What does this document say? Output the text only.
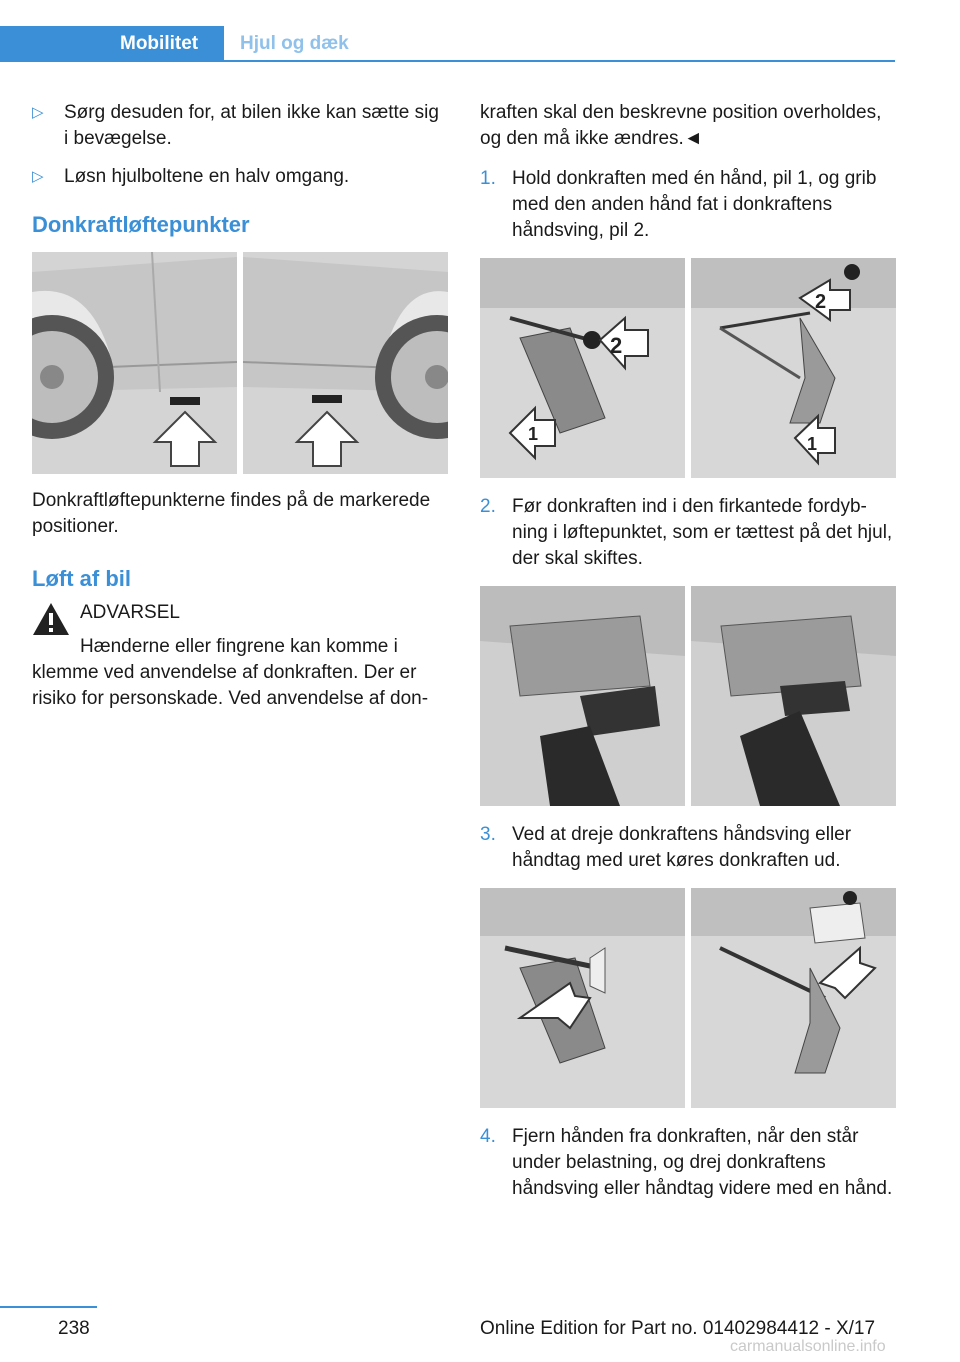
Mobilitet	Hjul og dæk
▷ Sørg desuden for, at bilen ikke kan sætte sig i bevægelse.
▷ Løsn hjulboltene en halv omgang.
Donkraftløftepunkter
Donkraftløftepunkterne findes på de markerede positioner.
Løft af bil
ADVARSEL
Hænderne eller fingrene kan komme i
klemme ved anvendelse af donkraften. Der er risiko for personskade. Ved anvendelse af don-
kraften skal den beskrevne position overholdes, og den må ikke ændres.◄
1. Hold donkraften med én hånd, pil 1, og grib med den anden hånd fat i donkraftens håndsving, pil 2.
1
2
2
1
2. Før donkraften ind i den firkantede fordybning i løftepunktet, som er tættest på det hjul, der skal skiftes.
3. Ved at dreje donkraftens håndsving eller håndtag med uret køres donkraften ud.
4. Fjern hånden fra donkraften, når den står under belastning, og drej donkraftens håndsving eller håndtag videre med en hånd.
238	Online Edition for Part no. 01402984412 - X/17
carmanualsonline.info
